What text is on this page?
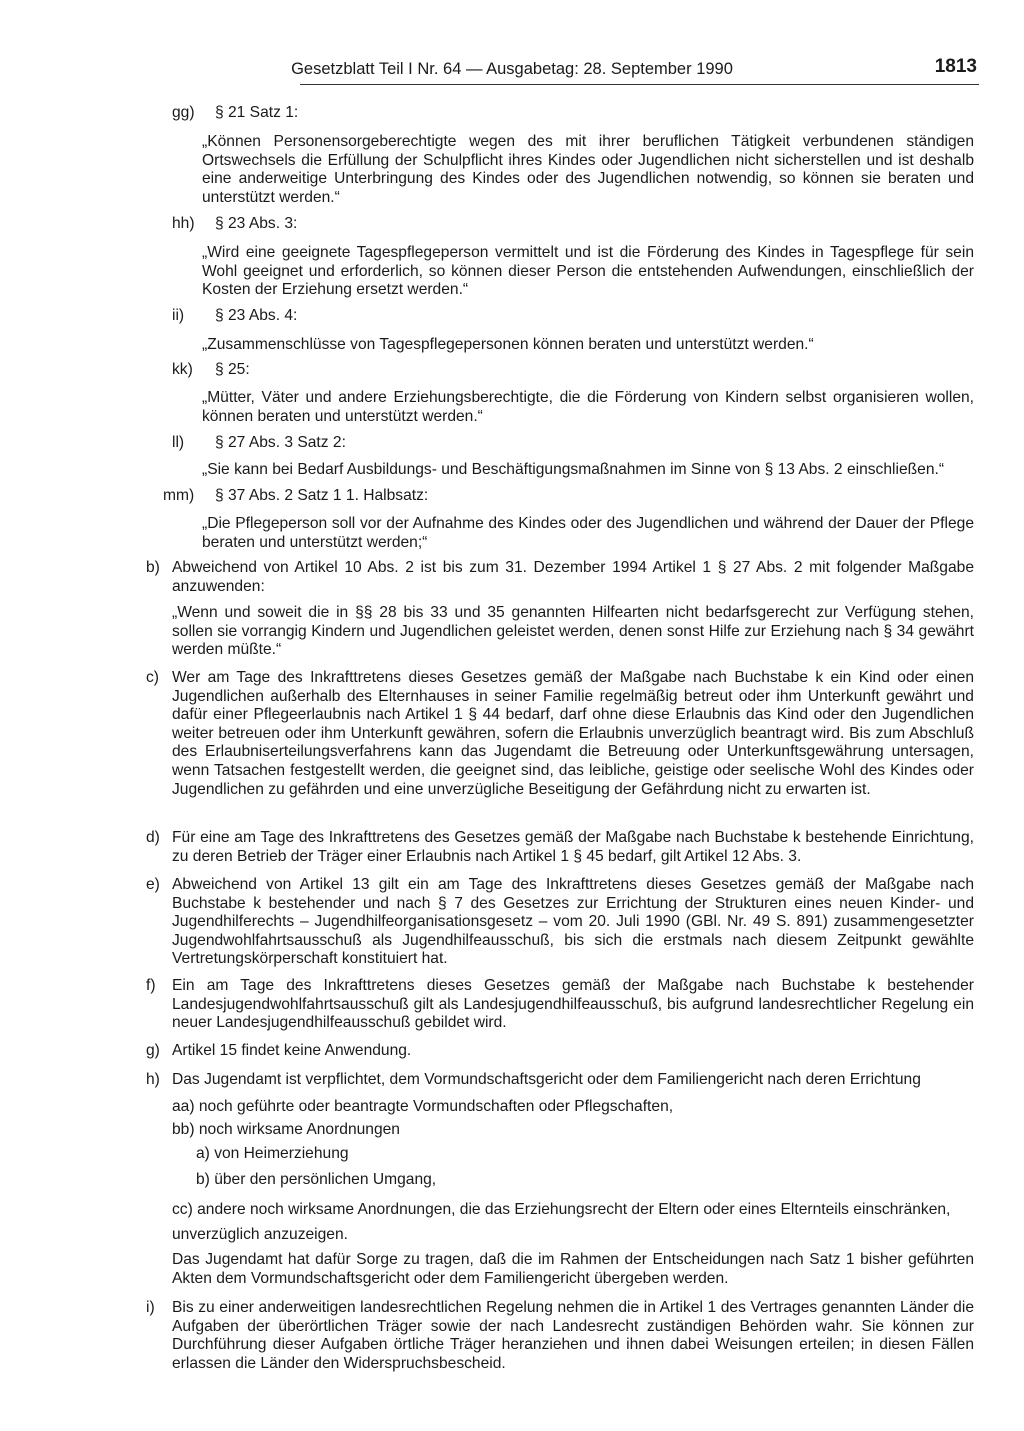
Gesetzblatt Teil I Nr. 64 — Ausgabetag: 28. September 1990	1813
gg) § 21 Satz 1:
„Können Personensorgeberechtigte wegen des mit ihrer beruflichen Tätigkeit verbundenen ständigen Ortswechsels die Erfüllung der Schulpflicht ihres Kindes oder Jugendlichen nicht sicherstellen und ist deshalb eine anderweitige Unterbringung des Kindes oder des Jugendlichen notwendig, so können sie beraten und unterstützt werden.“
hh) § 23 Abs. 3:
„Wird eine geeignete Tagespflegeperson vermittelt und ist die Förderung des Kindes in Tagespflege für sein Wohl geeignet und erforderlich, so können dieser Person die entstehenden Aufwendungen, einschließlich der Kosten der Erziehung ersetzt werden.“
ii) § 23 Abs. 4:
„Zusammenschlüsse von Tagespflegepersonen können beraten und unterstützt werden.“
kk) § 25:
„Mütter, Väter und andere Erziehungsberechtigte, die die Förderung von Kindern selbst organisieren wollen, können beraten und unterstützt werden.“
ll) § 27 Abs. 3 Satz 2:
„Sie kann bei Bedarf Ausbildungs- und Beschäftigungsmaßnahmen im Sinne von § 13 Abs. 2 einschließen.“
mm) § 37 Abs. 2 Satz 1 1. Halbsatz:
„Die Pflegeperson soll vor der Aufnahme des Kindes oder des Jugendlichen und während der Dauer der Pflege beraten und unterstützt werden;“
b) Abweichend von Artikel 10 Abs. 2 ist bis zum 31. Dezember 1994 Artikel 1 § 27 Abs. 2 mit folgender Maßgabe anzuwenden:
„Wenn und soweit die in §§ 28 bis 33 und 35 genannten Hilfearten nicht bedarfsgerecht zur Verfügung stehen, sollen sie vorrangig Kindern und Jugendlichen geleistet werden, denen sonst Hilfe zur Erziehung nach § 34 gewährt werden müßte.“
c) Wer am Tage des Inkrafttretens dieses Gesetzes gemäß der Maßgabe nach Buchstabe k ein Kind oder einen Jugendlichen außerhalb des Elternhauses in seiner Familie regelmäßig betreut oder ihm Unterkunft gewährt und dafür einer Pflegeerlaubnis nach Artikel 1 § 44 bedarf, darf ohne diese Erlaubnis das Kind oder den Jugendlichen weiter betreuen oder ihm Unterkunft gewähren, sofern die Erlaubnis unverzüglich beantragt wird. Bis zum Abschluß des Erlaubniserteilungsverfahrens kann das Jugendamt die Betreuung oder Unterkunftsgewährung untersagen, wenn Tatsachen festgestellt werden, die geeignet sind, das leibliche, geistige oder seelische Wohl des Kindes oder Jugendlichen zu gefährden und eine unverzügliche Beseitigung der Gefährdung nicht zu erwarten ist.
d) Für eine am Tage des Inkrafttretens des Gesetzes gemäß der Maßgabe nach Buchstabe k bestehende Einrichtung, zu deren Betrieb der Träger einer Erlaubnis nach Artikel 1 § 45 bedarf, gilt Artikel 12 Abs. 3.
e) Abweichend von Artikel 13 gilt ein am Tage des Inkrafttretens dieses Gesetzes gemäß der Maßgabe nach Buchstabe k bestehender und nach § 7 des Gesetzes zur Errichtung der Strukturen eines neuen Kinder- und Jugendhilferechts – Jugendhilfeorganisationsgesetz – vom 20. Juli 1990 (GBl. Nr. 49 S. 891) zusammengesetzter Jugendwohlfahrtsausschuß als Jugendhilfeausschuß, bis sich die erstmals nach diesem Zeitpunkt gewählte Vertretungskörperschaft konstituiert hat.
f) Ein am Tage des Inkrafttretens dieses Gesetzes gemäß der Maßgabe nach Buchstabe k bestehender Landesjugendwohlfahrtsausschuß gilt als Landesjugendhilfeausschuß, bis aufgrund landesrechtlicher Regelung ein neuer Landesjugendhilfeausschuß gebildet wird.
g) Artikel 15 findet keine Anwendung.
h) Das Jugendamt ist verpflichtet, dem Vormundschaftsgericht oder dem Familiengericht nach deren Errichtung
aa) noch geführte oder beantragte Vormundschaften oder Pflegschaften,
bb) noch wirksame Anordnungen
a) von Heimerziehung
b) über den persönlichen Umgang,
cc) andere noch wirksame Anordnungen, die das Erziehungsrecht der Eltern oder eines Elternteils einschränken,
unverzüglich anzuzeigen.
Das Jugendamt hat dafür Sorge zu tragen, daß die im Rahmen der Entscheidungen nach Satz 1 bisher geführten Akten dem Vormundschaftsgericht oder dem Familiengericht übergeben werden.
i) Bis zu einer anderweitigen landesrechtlichen Regelung nehmen die in Artikel 1 des Vertrages genannten Länder die Aufgaben der überörtlichen Träger sowie der nach Landesrecht zuständigen Behörden wahr. Sie können zur Durchführung dieser Aufgaben örtliche Träger heranziehen und ihnen dabei Weisungen erteilen; in diesen Fällen erlassen die Länder den Widerspruchsbescheid.
